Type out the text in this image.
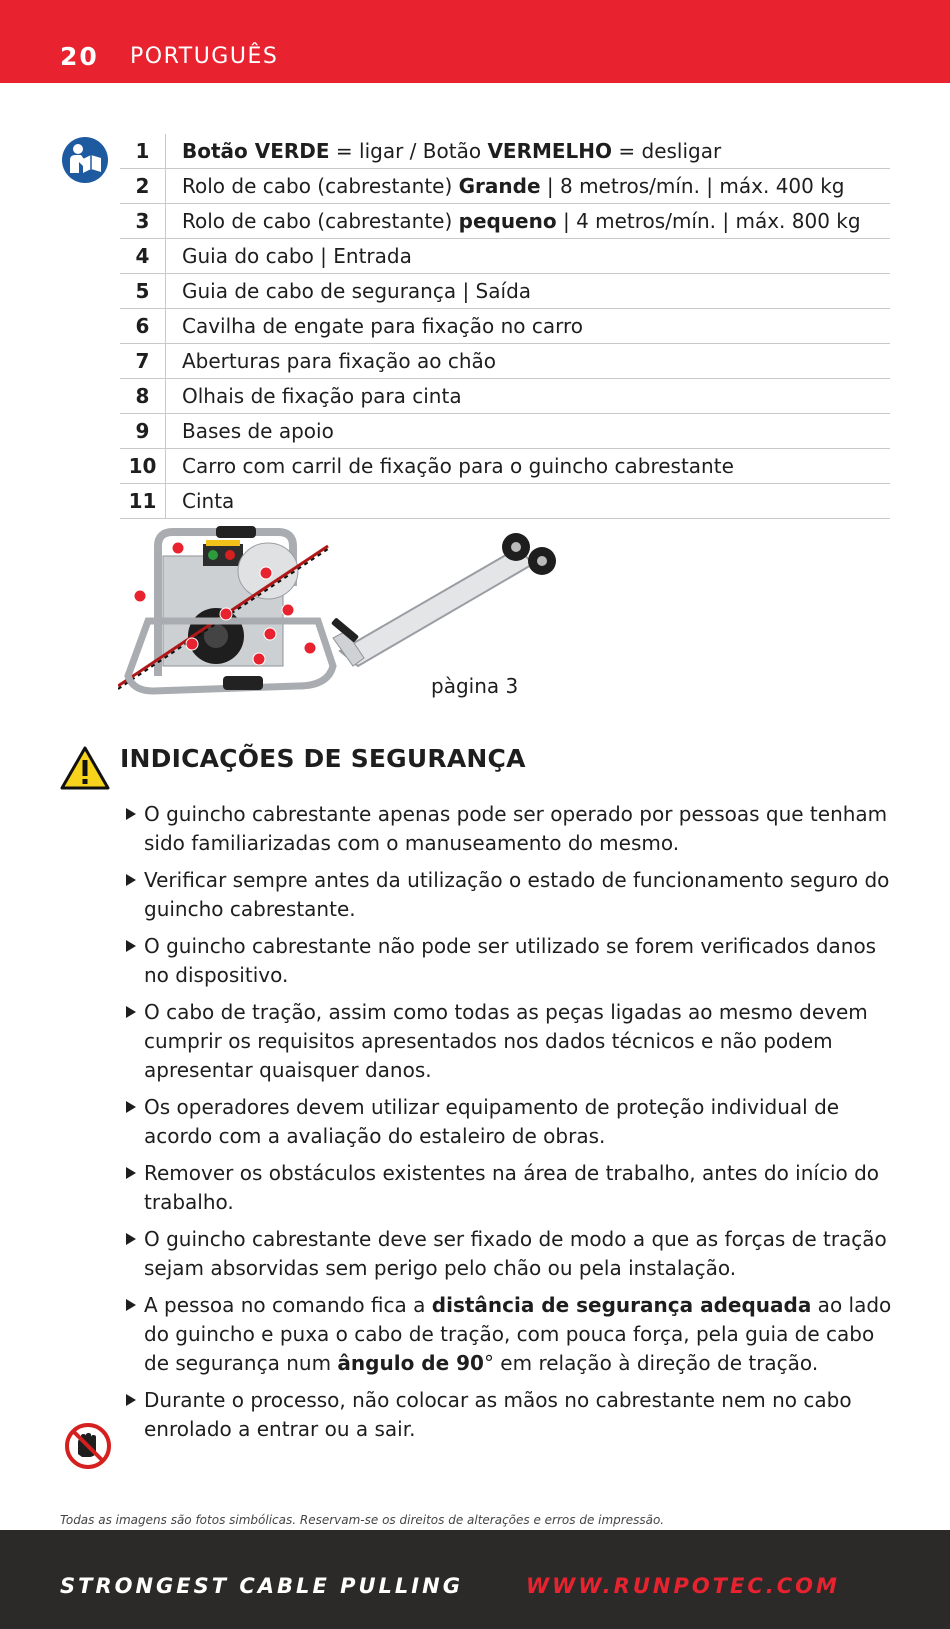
20 PORTUGUÊS
1	Botão VERDE = ligar / Botão VERMELHO = desligar
2	Rolo de cabo (cabrestante) Grande | 8 metros/mín. | máx. 400 kg
3	Rolo de cabo (cabrestante) pequeno | 4 metros/mín. | máx. 800 kg
4	Guia do cabo | Entrada
5	Guia de cabo de segurança | Saída
6	Cavilha de engate para fixação no carro
7	Aberturas para fixação ao chão
8	Olhais de fixação para cinta
9	Bases de apoio
10	Carro com carril de fixação para o guincho cabrestante
11	Cinta
pàgina 3
INDICAÇÕES DE SEGURANÇA
O guincho cabrestante apenas pode ser operado por pessoas que tenham sido familiarizadas com o manuseamento do mesmo.
Verificar sempre antes da utilização o estado de funcionamento seguro do guincho cabrestante.
O guincho cabrestante não pode ser utilizado se forem verificados danos no dispositivo.
O cabo de tração, assim como todas as peças ligadas ao mesmo devem cumprir os requisitos apresentados nos dados técnicos e não podem apresentar quaisquer danos.
Os operadores devem utilizar equipamento de proteção individual de acordo com a avaliação do estaleiro de obras.
Remover os obstáculos existentes na área de trabalho, antes do início do trabalho.
O guincho cabrestante deve ser fixado de modo a que as forças de tração sejam absorvidas sem perigo pelo chão ou pela instalação.
A pessoa no comando fica a distância de segurança adequada ao lado do guincho e puxa o cabo de tração, com pouca força, pela guia de cabo de segurança num ângulo de 90° em relação à direção de tração.
Durante o processo, não colocar as mãos no cabrestante nem no cabo enrolado a entrar ou a sair.
Todas as imagens são fotos simbólicas. Reservam-se os direitos de alterações e erros de impressão.
STRONGEST CABLE PULLING	WWW.RUNPOTEC.COM
